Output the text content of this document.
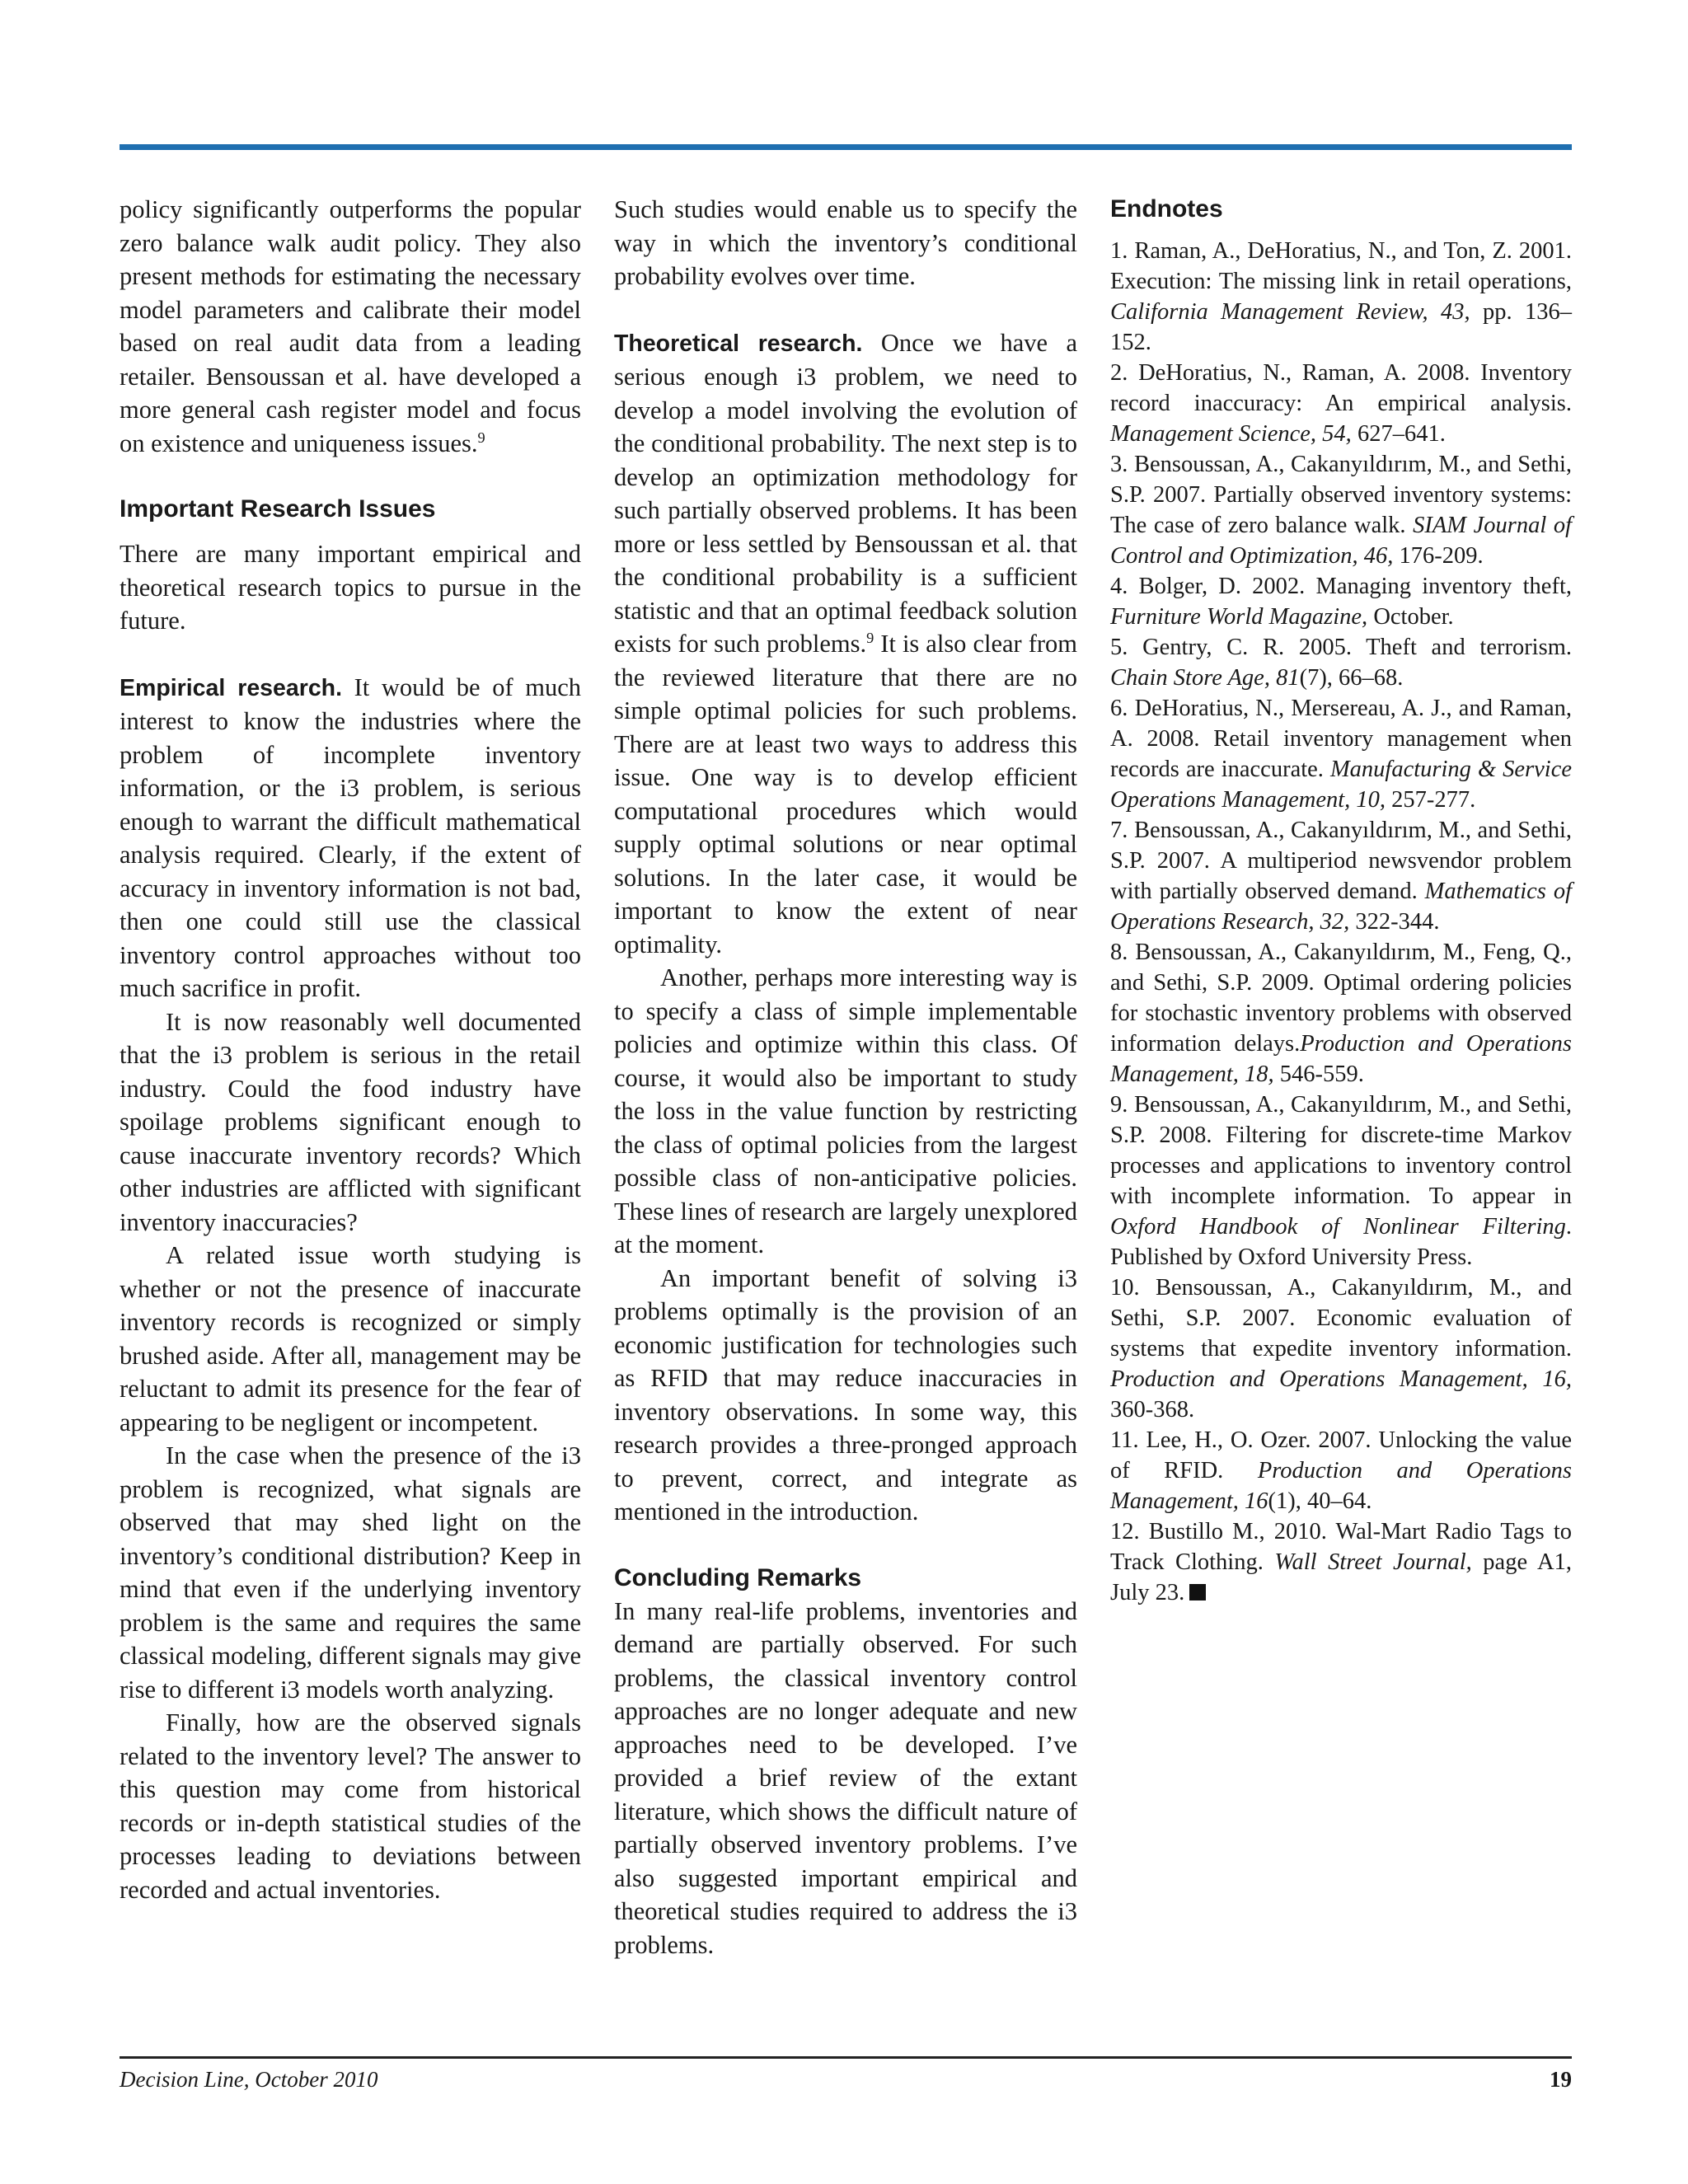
policy significantly outperforms the popular zero balance walk audit policy. They also present methods for estimating the necessary model parameters and calibrate their model based on real audit data from a leading retailer. Bensoussan et al. have developed a more general cash register model and focus on existence and uniqueness issues.$^9$

Important Research Issues

There are many important empirical and theoretical research topics to pursue in the future.

Empirical research. It would be of much interest to know the industries where the problem of incomplete inventory information, or the i3 problem, is serious enough to warrant the difficult mathematical analysis required. Clearly, if the extent of accuracy in inventory information is not bad, then one could still use the classical inventory control approaches without too much sacrifice in profit.

It is now reasonably well documented that the i3 problem is serious in the retail industry. Could the food industry have spoilage problems significant enough to cause inaccurate inventory records? Which other industries are afflicted with significant inventory inaccuracies?

A related issue worth studying is whether or not the presence of inaccurate inventory records is recognized or simply brushed aside. After all, management may be reluctant to admit its presence for the fear of appearing to be negligent or incompetent.

In the case when the presence of the i3 problem is recognized, what signals are observed that may shed light on the inventory’s conditional distribution? Keep in mind that even if the underlying inventory problem is the same and requires the same classical modeling, different signals may give rise to different i3 models worth analyzing.

Finally, how are the observed signals related to the inventory level? The answer to this question may come from historical records or in-depth statistical studies of the processes leading to deviations between recorded and actual inventories.

Such studies would enable us to specify the way in which the inventory’s conditional probability evolves over time.

Theoretical research. Once we have a serious enough i3 problem, we need to develop a model involving the evolution of the conditional probability. The next step is to develop an optimization methodology for such partially observed problems. It has been more or less settled by Bensoussan et al. that the conditional probability is a sufficient statistic and that an optimal feedback solution exists for such problems.$^9$ It is also clear from the reviewed literature that there are no simple optimal policies for such problems. There are at least two ways to address this issue. One way is to develop efficient computational procedures which would supply optimal solutions or near optimal solutions. In the later case, it would be important to know the extent of near optimality.

Another, perhaps more interesting way is to specify a class of simple implementable policies and optimize within this class. Of course, it would also be important to study the loss in the value function by restricting the class of optimal policies from the largest possible class of non-anticipative policies. These lines of research are largely unexplored at the moment.

An important benefit of solving i3 problems optimally is the provision of an economic justification for technologies such as RFID that may reduce inaccuracies in inventory observations. In some way, this research provides a three-pronged approach to prevent, correct, and integrate as mentioned in the introduction.

Concluding Remarks

In many real-life problems, inventories and demand are partially observed. For such problems, the classical inventory control approaches are no longer adequate and new approaches need to be developed. I’ve provided a brief review of the extant literature, which shows the difficult nature of partially observed inventory problems. I’ve also suggested important empirical and theoretical studies required to address the i3 problems.

Endnotes

1. Raman, A., DeHoratius, N., and Ton, Z. 2001. Execution: The missing link in retail operations, California Management Review, 43, pp. 136–152.

2. DeHoratius, N., Raman, A. 2008. Inventory record inaccuracy: An empirical analysis. Management Science, 54, 627–641.

3. Bensoussan, A., Cakanyıldırım, M., and Sethi, S.P. 2007. Partially observed inventory systems: The case of zero balance walk. SIAM Journal of Control and Optimization, 46, 176-209.

4. Bolger, D. 2002. Managing inventory theft, Furniture World Magazine, October.

5. Gentry, C. R. 2005. Theft and terrorism. Chain Store Age, 81(7), 66–68.

6. DeHoratius, N., Mersereau, A. J., and Raman, A. 2008. Retail inventory management when records are inaccurate. Manufacturing & Service Operations Management, 10, 257-277.

7. Bensoussan, A., Cakanyıldırım, M., and Sethi, S.P. 2007. A multiperiod newsvendor problem with partially observed demand. Mathematics of Operations Research, 32, 322-344.

8. Bensoussan, A., Cakanyıldırım, M., Feng, Q., and Sethi, S.P. 2009. Optimal ordering policies for stochastic inventory problems with observed information delays.Production and Operations Management, 18, 546-559.

9. Bensoussan, A., Cakanyıldırım, M., and Sethi, S.P. 2008. Filtering for discrete-time Markov processes and applications to inventory control with incomplete information. To appear in Oxford Handbook of Nonlinear Filtering. Published by Oxford University Press.

10. Bensoussan, A., Cakanyıldırım, M., and Sethi, S.P. 2007. Economic evaluation of systems that expedite inventory information. Production and Operations Management, 16, 360-368.

11. Lee, H., O. Ozer. 2007. Unlocking the value of RFID. Production and Operations Management, 16(1), 40–64.

12. Bustillo M., 2010. Wal-Mart Radio Tags to Track Clothing. Wall Street Journal, page A1, July 23.

Decision Line, October 2010	19
